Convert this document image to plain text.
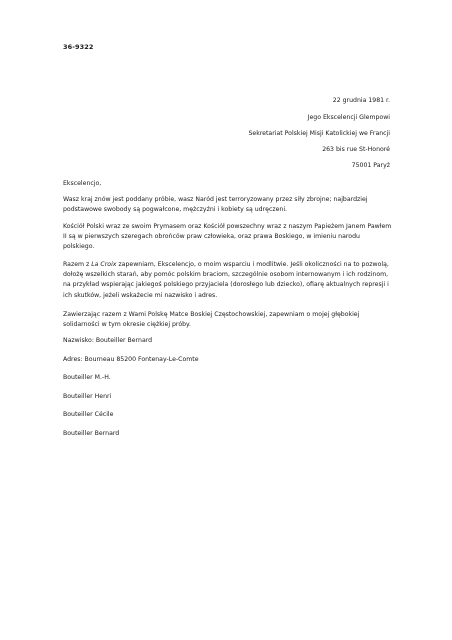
36-9322
22 grudnia 1981 r.
Jego Ekscelencji Glempowi
Sekretariat Polskiej Misji Katolickiej we Francji
263 bis rue St-Honoré
75001 Paryż
Ekscelencjo,
Wasz kraj znów jest poddany próbie, wasz Naród jest terroryzowany przez siły zbrojne; najbardziej podstawowe swobody są pogwałcone, mężczyźni i kobiety są udręczeni.
Kościół Polski wraz ze swoim Prymasem oraz Kościół powszechny wraz z naszym Papieżem Janem Pawłem II są w pierwszych szeregach obrońców praw człowieka, oraz prawa Boskiego, w imieniu narodu polskiego.
Razem z La Croix zapewniam, Ekscelencjo, o moim wsparciu i modlitwie. Jeśli okoliczności na to pozwolą, dołożę wszelkich starań, aby pomóc polskim braciom, szczególnie osobom internowanym i ich rodzinom, na przykład wspierając jakiegoś polskiego przyjaciela (dorosłego lub dziecko), ofiarę aktualnych represji i ich skutków, jeżeli wskażecie mi nazwisko i adres.
Zawierzając razem z Wami Polskę Matce Boskiej Częstochowskiej, zapewniam o mojej głębokiej solidarności w tym okresie ciężkiej próby.
Nazwisko: Bouteiller Bernard
Adres: Bourneau 85200 Fontenay-Le-Comte
Bouteiller M.-H.
Bouteiller Henri
Bouteiller Cécile
Bouteiller Bernard
